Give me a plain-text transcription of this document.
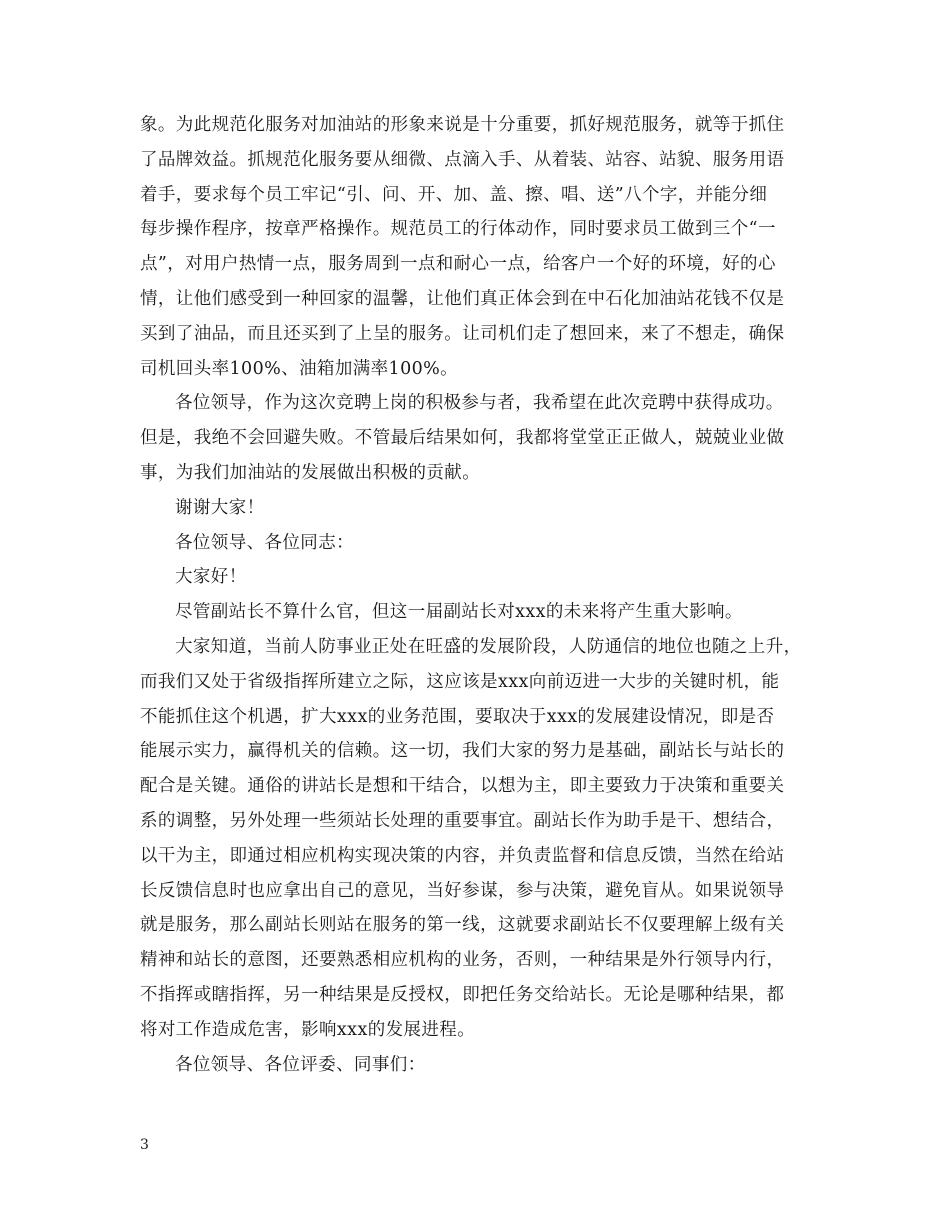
象。为此规范化服务对加油站的形象来说是十分重要，抓好规范服务，就等于抓住
了品牌效益。抓规范化服务要从细微、点滴入手、从着装、站容、站貌、服务用语
着手，要求每个员工牢记“引、问、开、加、盖、擦、唱、送”八个字，并能分细
每步操作程序，按章严格操作。规范员工的行体动作，同时要求员工做到三个“一
点”，对用户热情一点，服务周到一点和耐心一点，给客户一个好的环境，好的心
情，让他们感受到一种回家的温馨，让他们真正体会到在中石化加油站花钱不仅是
买到了油品，而且还买到了上呈的服务。让司机们走了想回来，来了不想走，确保
司机回头率100%、油箱加满率100%。
各位领导，作为这次竞聘上岗的积极参与者，我希望在此次竞聘中获得成功。
但是，我绝不会回避失败。不管最后结果如何，我都将堂堂正正做人，兢兢业业做
事，为我们加油站的发展做出积极的贡献。
谢谢大家！
各位领导、各位同志：
大家好！
尽管副站长不算什么官，但这一届副站长对xxx的未来将产生重大影响。
大家知道，当前人防事业正处在旺盛的发展阶段，人防通信的地位也随之上升，
而我们又处于省级指挥所建立之际，这应该是xxx向前迈进一大步的关键时机，能
不能抓住这个机遇，扩大xxx的业务范围，要取决于xxx的发展建设情况，即是否
能展示实力，赢得机关的信赖。这一切，我们大家的努力是基础，副站长与站长的
配合是关键。通俗的讲站长是想和干结合，以想为主，即主要致力于决策和重要关
系的调整，另外处理一些须站长处理的重要事宜。副站长作为助手是干、想结合，
以干为主，即通过相应机构实现决策的内容，并负责监督和信息反馈，当然在给站
长反馈信息时也应拿出自己的意见，当好参谋，参与决策，避免盲从。如果说领导
就是服务，那么副站长则站在服务的第一线，这就要求副站长不仅要理解上级有关
精神和站长的意图，还要熟悉相应机构的业务，否则，一种结果是外行领导内行，
不指挥或瞎指挥，另一种结果是反授权，即把任务交给站长。无论是哪种结果，都
将对工作造成危害，影响xxx的发展进程。
各位领导、各位评委、同事们：
3
